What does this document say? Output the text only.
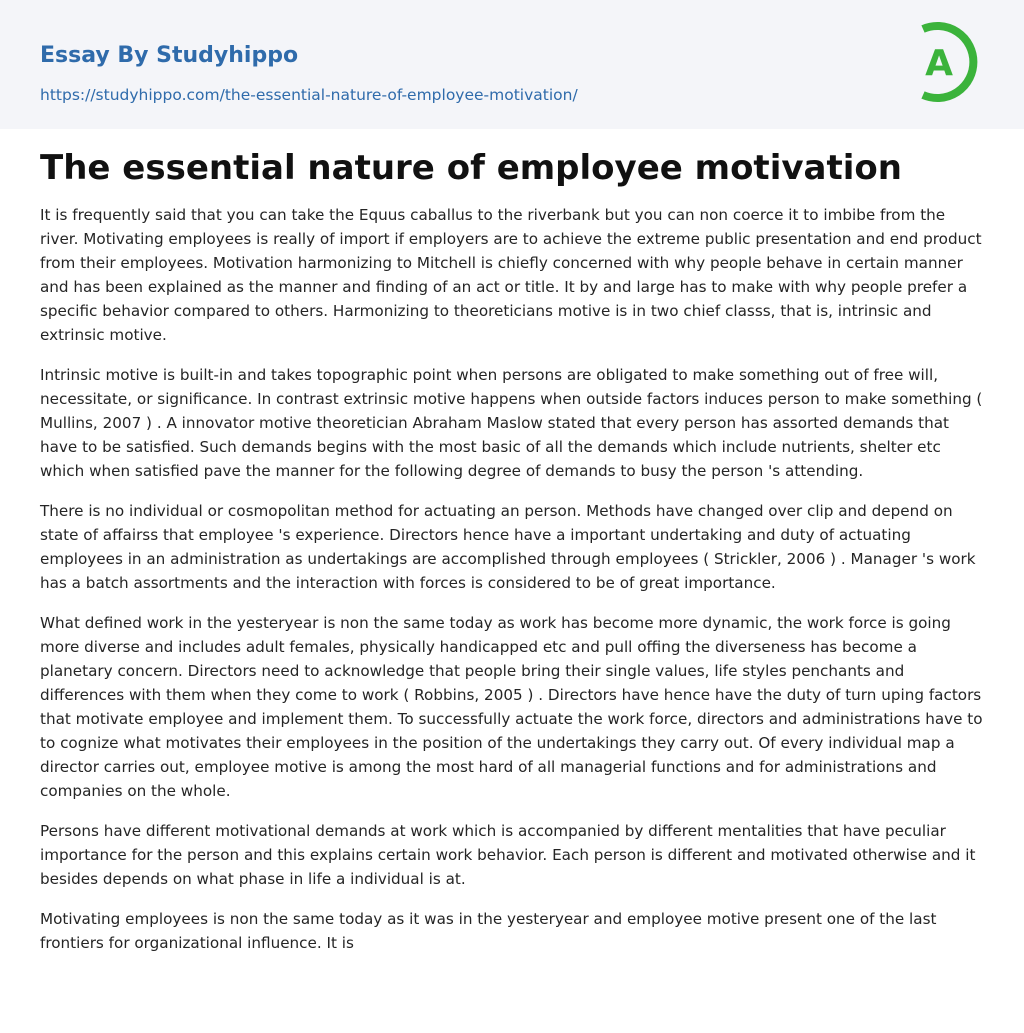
Essay By Studyhippo
https://studyhippo.com/the-essential-nature-of-employee-motivation/
A
The essential nature of employee motivation

It is frequently said that you can take the Equus caballus to the riverbank but you can non coerce it to imbibe from the river. Motivating employees is really of import if employers are to achieve the extreme public presentation and end product from their employees. Motivation harmonizing to Mitchell is chiefly concerned with why people behave in certain manner and has been explained as the manner and finding of an act or title. It by and large has to make with why people prefer a specific behavior compared to others. Harmonizing to theoreticians motive is in two chief classs, that is, intrinsic and extrinsic motive.

Intrinsic motive is built-in and takes topographic point when persons are obligated to make something out of free will, necessitate, or significance. In contrast extrinsic motive happens when outside factors induces person to make something ( Mullins, 2007 ) . A innovator motive theoretician Abraham Maslow stated that every person has assorted demands that have to be satisfied. Such demands begins with the most basic of all the demands which include nutrients, shelter etc which when satisfied pave the manner for the following degree of demands to busy the person 's attending.

There is no individual or cosmopolitan method for actuating an person. Methods have changed over clip and depend on state of affairss that employee 's experience. Directors hence have a important undertaking and duty of actuating employees in an administration as undertakings are accomplished through employees ( Strickler, 2006 ) . Manager 's work has a batch assortments and the interaction with forces is considered to be of great importance.

What defined work in the yesteryear is non the same today as work has become more dynamic, the work force is going more diverse and includes adult females, physically handicapped etc and pull offing the diverseness has become a planetary concern. Directors need to acknowledge that people bring their single values, life styles penchants and differences with them when they come to work ( Robbins, 2005 ) . Directors have hence have the duty of turn uping factors that motivate employee and implement them. To successfully actuate the work force, directors and administrations have to to cognize what motivates their employees in the position of the undertakings they carry out. Of every individual map a director carries out, employee motive is among the most hard of all managerial functions and for administrations and companies on the whole.

Persons have different motivational demands at work which is accompanied by different mentalities that have peculiar importance for the person and this explains certain work behavior. Each person is different and motivated otherwise and it besides depends on what phase in life a individual is at.

Motivating employees is non the same today as it was in the yesteryear and employee motive present one of the last frontiers for organizational influence. It is
